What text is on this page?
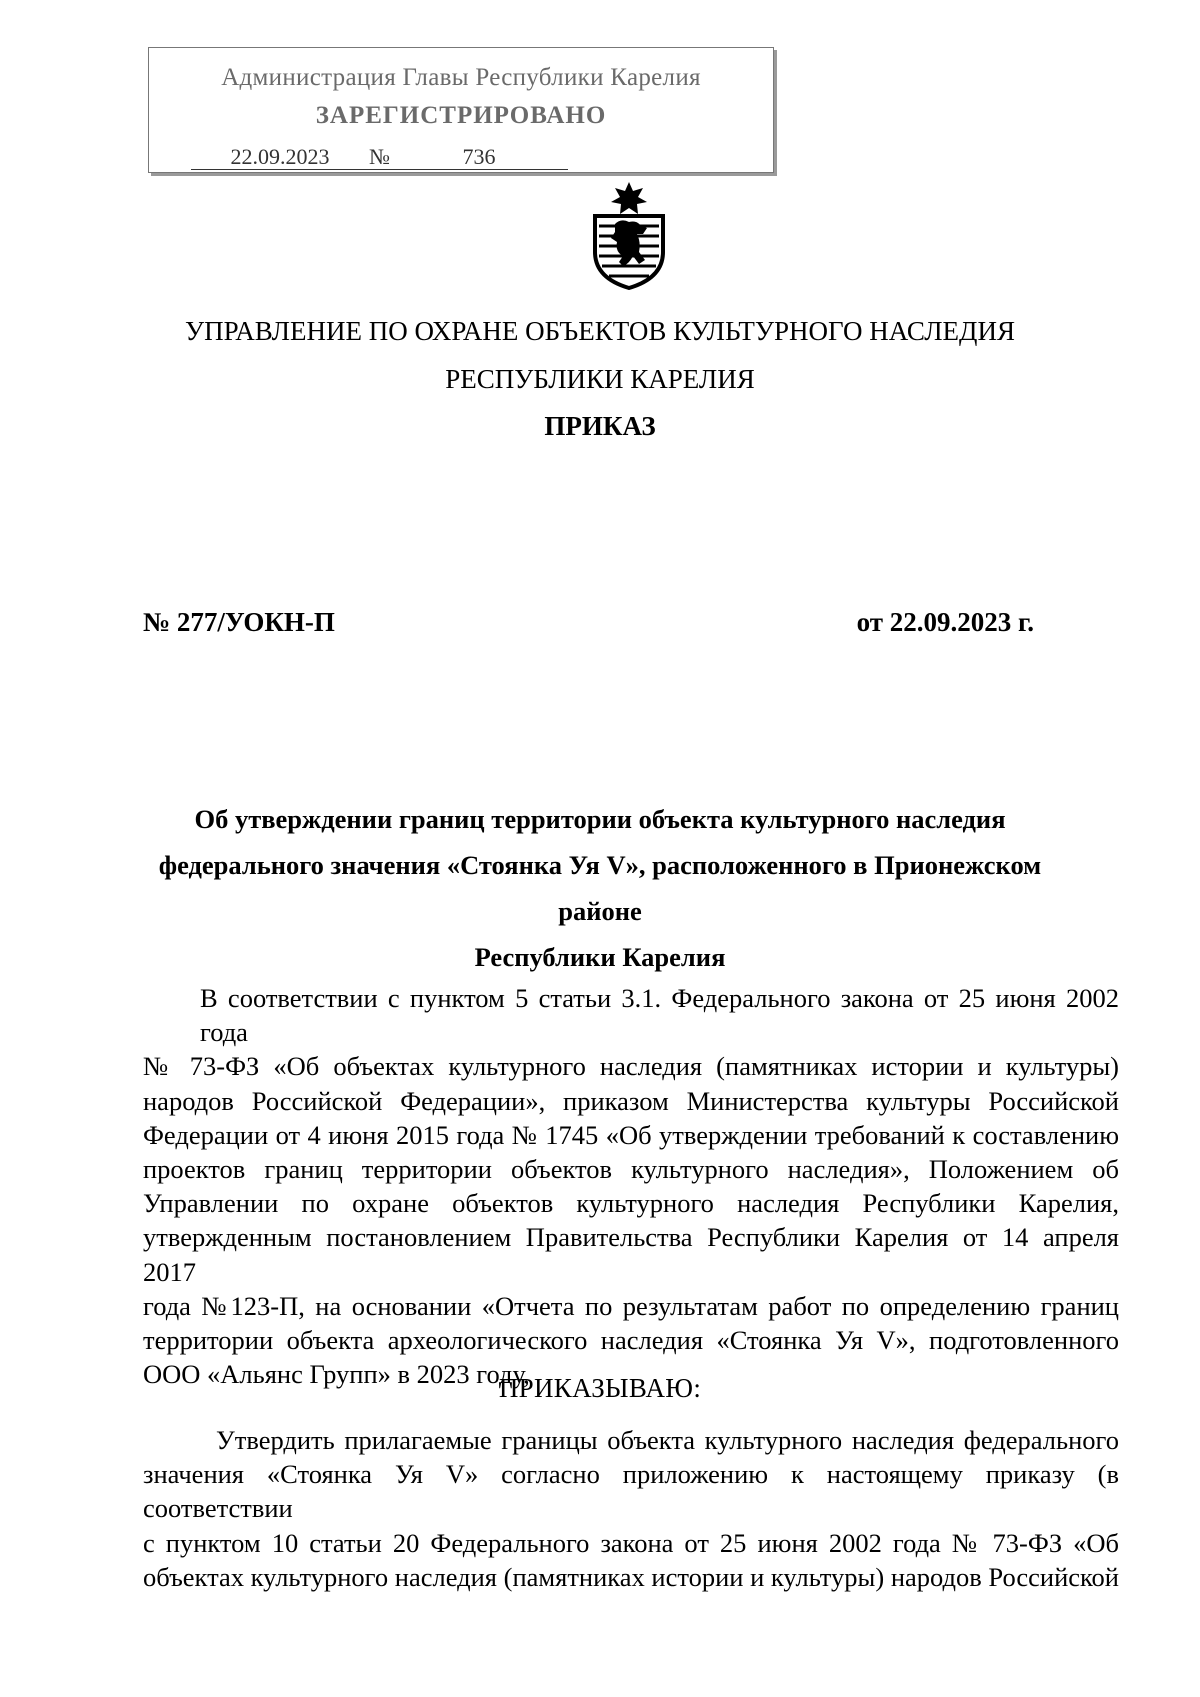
Администрация Главы Республики Карелия
ЗАРЕГИСТРИРОВАНО
22.09.2023 №	736
УПРАВЛЕНИЕ ПО ОХРАНЕ ОБЪЕКТОВ КУЛЬТУРНОГО НАСЛЕДИЯ
РЕСПУБЛИКИ КАРЕЛИЯ
ПРИКАЗ
№ 277/УОКН-П	от 22.09.2023 г.
Об утверждении границ территории объекта культурного наследия
федерального значения «Стоянка Уя V», расположенного в Прионежском районе
Республики Карелия
В соответствии с пунктом 5 статьи 3.1. Федерального закона от 25 июня 2002 года
№ 73-ФЗ «Об объектах культурного наследия (памятниках истории и культуры)
народов Российской Федерации», приказом Министерства культуры Российской
Федерации от 4 июня 2015 года № 1745 «Об утверждении требований к составлению
проектов границ территории объектов культурного наследия», Положением об
Управлении по охране объектов культурного наследия Республики Карелия,
утвержденным постановлением Правительства Республики Карелия от 14 апреля 2017
года №123-П, на основании «Отчета по результатам работ по определению границ
территории объекта археологического наследия «Стоянка Уя V», подготовленного
ООО «Альянс Групп» в 2023 году,
ПРИКАЗЫВАЮ:
Утвердить прилагаемые границы объекта культурного наследия федерального
значения «Стоянка Уя V» согласно приложению к настоящему приказу (в соответствии
с пунктом 10 статьи 20 Федерального закона от 25 июня 2002 года № 73-ФЗ «Об
объектах культурного наследия (памятниках истории и культуры) народов Российской
